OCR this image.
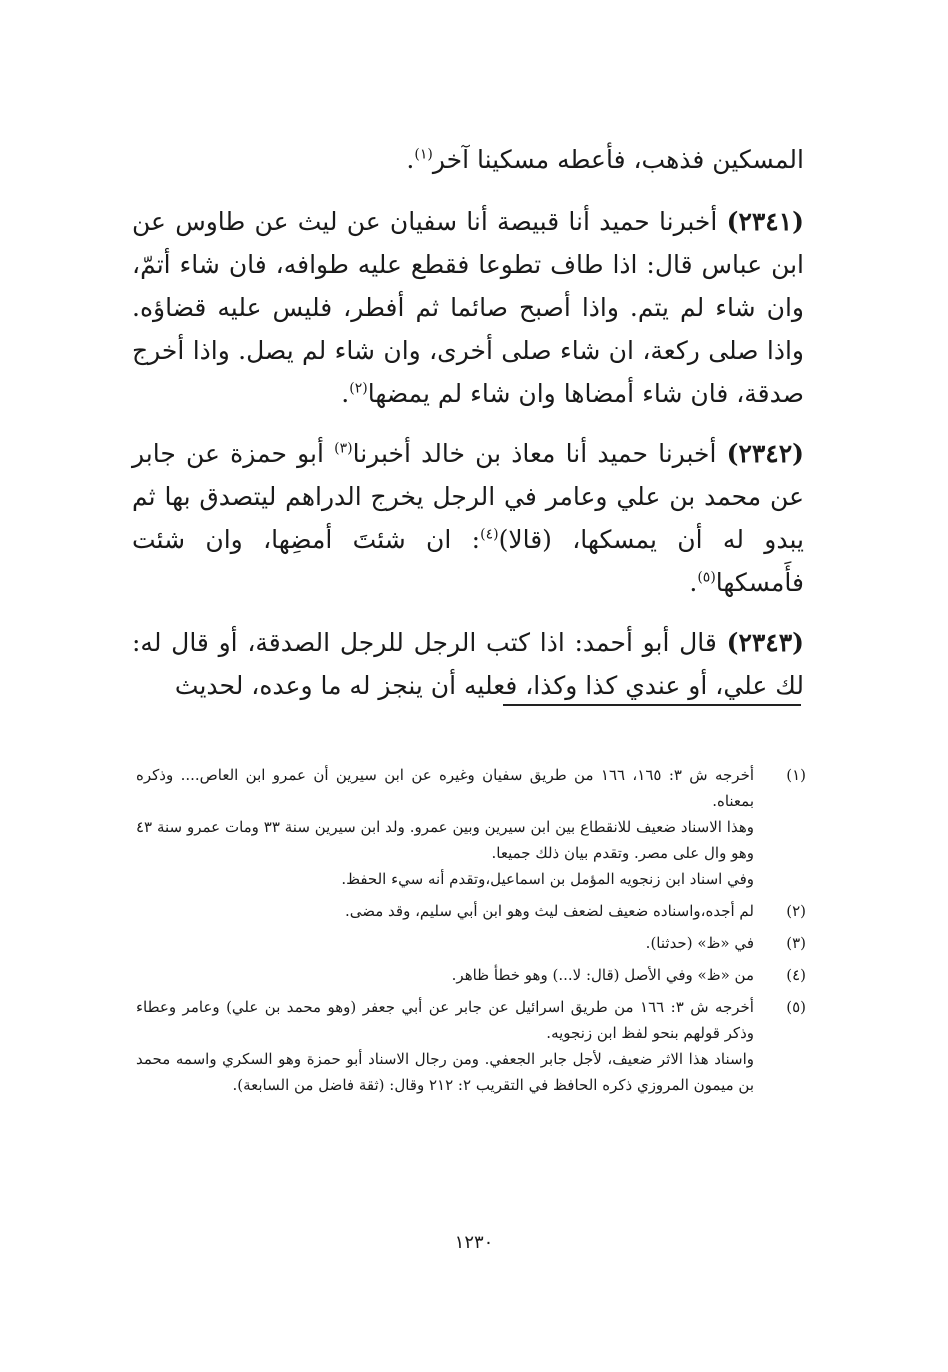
المسكين فذهب، فأعطه مسكينا آخر$^{(١)}$.

(٢٣٤١) أخبرنا حميد أنا قبيصة أنا سفيان عن ليث عن طاوس عن ابن عباس قال: اذا طاف تطوعا فقطع عليه طوافه، فان شاء أتمّ، وان شاء لم يتم. واذا أصبح صائما ثم أفطر، فليس عليه قضاؤه. واذا صلى ركعة، ان شاء صلى أخرى، وان شاء لم يصل. واذا أخرج صدقة، فان شاء أمضاها وان شاء لم يمضها$^{(٢)}$.

(٢٣٤٢) أخبرنا حميد أنا معاذ بن خالد أخبرنا$^{(٣)}$ أبو حمزة عن جابر عن محمد بن علي وعامر في الرجل يخرج الدراهم ليتصدق بها ثم يبدو له أن يمسكها، (قالا)$^{(٤)}$: ان شئتَ أمضِها، وان شئت فأَمسكها$^{(٥)}$.

(٢٣٤٣) قال أبو أحمد: اذا كتب الرجل للرجل الصدقة، أو قال له: لك علي، أو عندي كذا وكذا، فعليه أن ينجز له ما وعده، لحديث

(١)
أخرجه ش ٣: ١٦٥، ١٦٦ من طريق سفيان وغيره عن ابن سيرين أن عمرو ابن العاص.... وذكره بمعناه.
وهذا الاسناد ضعيف للانقطاع بين ابن سيرين وبين عمرو. ولد ابن سيرين سنة ٣٣ ومات عمرو سنة ٤٣ وهو وال على مصر. وتقدم بيان ذلك جميعا.
وفي اسناد ابن زنجويه المؤمل بن اسماعيل،وتقدم أنه سيء الحفظ.
(٢)
لم أجده،واسناده ضعيف لضعف ليث وهو ابن أبي سليم، وقد مضى.
(٣)
في «ظ» (حدثنا).
(٤)
من «ظ» وفي الأصل (قال: لا...) وهو خطأ ظاهر.
(٥)
أخرجه ش ٣: ١٦٦ من طريق اسرائيل عن جابر عن أبي جعفر (وهو محمد بن علي) وعامر وعطاء وذكر قولهم بنحو لفظ ابن زنجويه.
واسناد هذا الاثر ضعيف، لأجل جابر الجعفي. ومن رجال الاسناد أبو حمزة وهو السكري واسمه محمد بن ميمون المروزي ذكره الحافظ في التقريب ٢: ٢١٢ وقال: (ثقة فاضل من السابعة).
١٢٣٠
